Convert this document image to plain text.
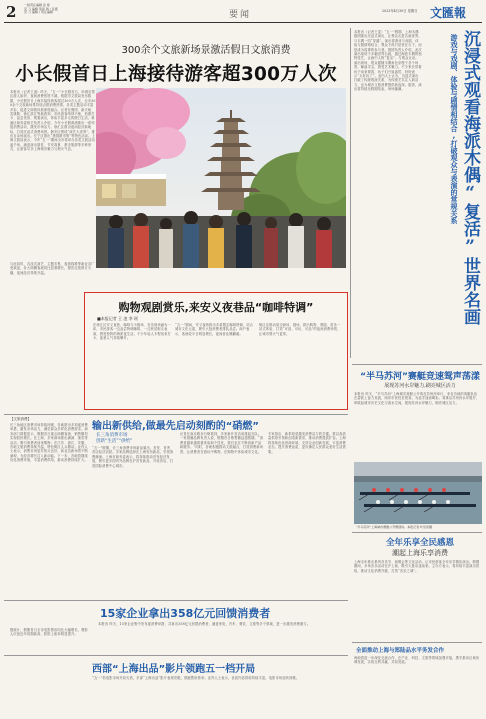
2	一版责任编辑 张 艳
见 习 编辑 蔡泽 鸽 / 张嘉
见 习 编辑 / 责任编辑	要闻	2023年4月30日 星期日 文匯報
300余个文旅新场景激活假日文旅消费
小长假首日上海接待游客超300万人次
本报讯（记者王凌）昨天，“五一”小长假首日，申城各景区游人如织、夜间消费热度不减。根据市文旅局发布数据，小长假首日上海共接待游客超过300万人次，全市300余个文旅新场景持续点燃消费热情，各类主题活动丰富多彩，促进文商旅体展深度融合。记者在豫园、新天地、武康路、徐汇滨江等地看到，市民游客络绎不绝，拍照打卡、品尝美食、观看演出，体验丰富多元的假日生活。黄浦区商务委相关负责人介绍，今年小长假黄浦推出一系列促消费活动，激发市场活力。徐汇区推出夜间经济新地标，打造沉浸式消费场景。静安区围绕“演艺大世界”，推出百余场演出。长宁区推出“愚园路市集”等特色活动。上海文旅局表示，今年“五一”期间全市将举办各类文旅活动逾千场，涵盖演出展览、节庆赛事、都市旅游等多种形式，让游客尽享上海城市魅力与烟火气息。
与此同时，沉浸式演艺、主题市集、夜游线路等新业态广受欢迎，各大商圈客流同比显著增长，餐饮住宿预订火爆，夜间经济持续升温。
购物观剧赏乐,来安义夜巷品“咖啡特调”
■本报记者 王 凌 李 瑶
在徐汇区安义夜巷，咖啡与小剧场、音乐现场融为一体，市民游客一边品尝特调咖啡，一边欣赏街头表演，感受独特的海派夜生活。不少年轻人专程前来打卡，夜巷人气持续攀升。
“五一”期间，安义夜巷推出多款限定咖啡特调，结合城市文化元素，吸引大批消费者排队品尝。商户表示，客流较平日明显增长，夜间营业额翻番。
街区还联动周边商场、剧场，推出购物、观剧、赏乐一站式体验，打造“可逛、可玩、可品”的夜间消费场景，让城市烟火气更浓。
本报讯（记者王雯）“五一”假期，上海木偶剧团推出沉浸式演出，让观众走进名画世界，与木偶一同“穿越”。演出将游戏与戏剧、体验与剧情相结合，观众不再只是坐在台下，而是成为故事的参与者。剧团负责人介绍，此次演出取材于多幅世界名画，通过海派木偶的独特技艺，让画中人物“复活”，与观众互动。演出现场，观众跟随木偶角色穿梭于各个场景，解谜寻宝，感受艺术魅力。不少家长带着孩子前来观看，孩子们兴致盎然，纷纷表示“太好玩了”。业内人士认为，沉浸式演出打破了传统观演关系，为传统艺术注入新活力，也为城市文旅消费提供新选择。据悉，演出将持续至假期结束，场场爆满。	沉浸式观看海派木偶“复活”世界名画
游戏与戏剧、体验与剧情相结合,打破观众与表演的常规关系
“半马苏河”赛艇竞速鸳声荡漾
展现苏河水岸魅力,刷亮城区活力
本报讯 昨天，“半马苏河”上海城市赛艇公开赛在苏州河举行，来自各地的赛艇队伍在碧波上奋力竞渡，两岸市民驻足观赛，为选手加油喝彩。赛事沿苏州河水岸展开，串联起城市历史文化与滨水空间，展现苏河水岸魅力，刷亮城区活力。
“半马苏河”上海城市赛艇公开赛现场。本报记者 叶辰亮摄
【文旅消费】
长三角地区消费市场持续回暖，各地推出多项促消费举措，激发市场活力，满足群众多样化消费需求。商务部门数据显示，假期首日重点商圈客流、销售额均实现较快增长。在上海，多家商场推出满减、抽奖等活动，吸引消费者前来购物；在江苏、浙江、安徽，各地文旅消费持续升温，特色街区人头攒动。业内人士表示，消费市场复苏势头良好，新业态新场景不断涌现，为经济增长注入新动能。下一步，各地将继续优化消费环境，丰富消费供给，推动消费持续扩大。
输出新供给,做最先启动刻酌的“硝燃”
长三角消费市场
创新“生活”“供给”
“五一”假期，长三角消费市场新品频出，首发、首秀、首店经济活跃。多家品牌选择在上海发布新品，引领消费潮流。上海市商务委表示，将持续推动首发经济发展，吸引更多国内外品牌在沪首发新品、开设首店，打造国际消费中心城市。
记者在南京路步行街看到，多家新开首店前排起长队。一家国潮品牌负责人说，假期首日销售额远超预期。“消费者越来越看重体验和个性化，我们也在不断创新产品和服务。”同时，各地积极推动文旅融合，打造消费新场景，让消费者在游玩中购物，在购物中体验城市文化。
专家指出，新供给是激发消费活力的关键。要以高质量供给引领和创造新需求，推动消费提质扩容。上海将持续优化营商环境，支持企业创新发展，丰富消费业态，提升消费品质，更好满足人民群众美好生活需要。
全年乐享全民感恩
潮起上海乐享消费
上海全年推出系列音乐节、演唱会等文化活动，让市民游客全年乐享精彩演出。假期期间，多场音乐活动在沪上演，吸引大批乐迷前来。主办方表示，将持续丰富演出供给，推动文化消费升级，打造“音乐之城”。
15家企业拿出358亿元回馈消费者
本报讯 昨天，15家企业集中发布促消费举措，共拿出358亿元回馈消费者，涵盖家电、汽车、餐饮、文旅等多个领域，进一步激发消费潜力。
全面推动上海与郑陆品水平务发合作
两地将进一步深化交流合作，在产业、科技、文旅等领域加强对接，携手推动区域协调发展，实现互利共赢、共同发展。
西部“上海出品”影片领跑五一档开局
“五一”档电影市场开局火热，多部“上海出品”影片表现亮眼，领跑票房榜单。业内人士表示，优质内容供给持续丰富，电影市场加快回暖。
据统计，假期首日全市电影票房同比大幅增长，观影人次创近年同期新高，影院上座率明显提升。
